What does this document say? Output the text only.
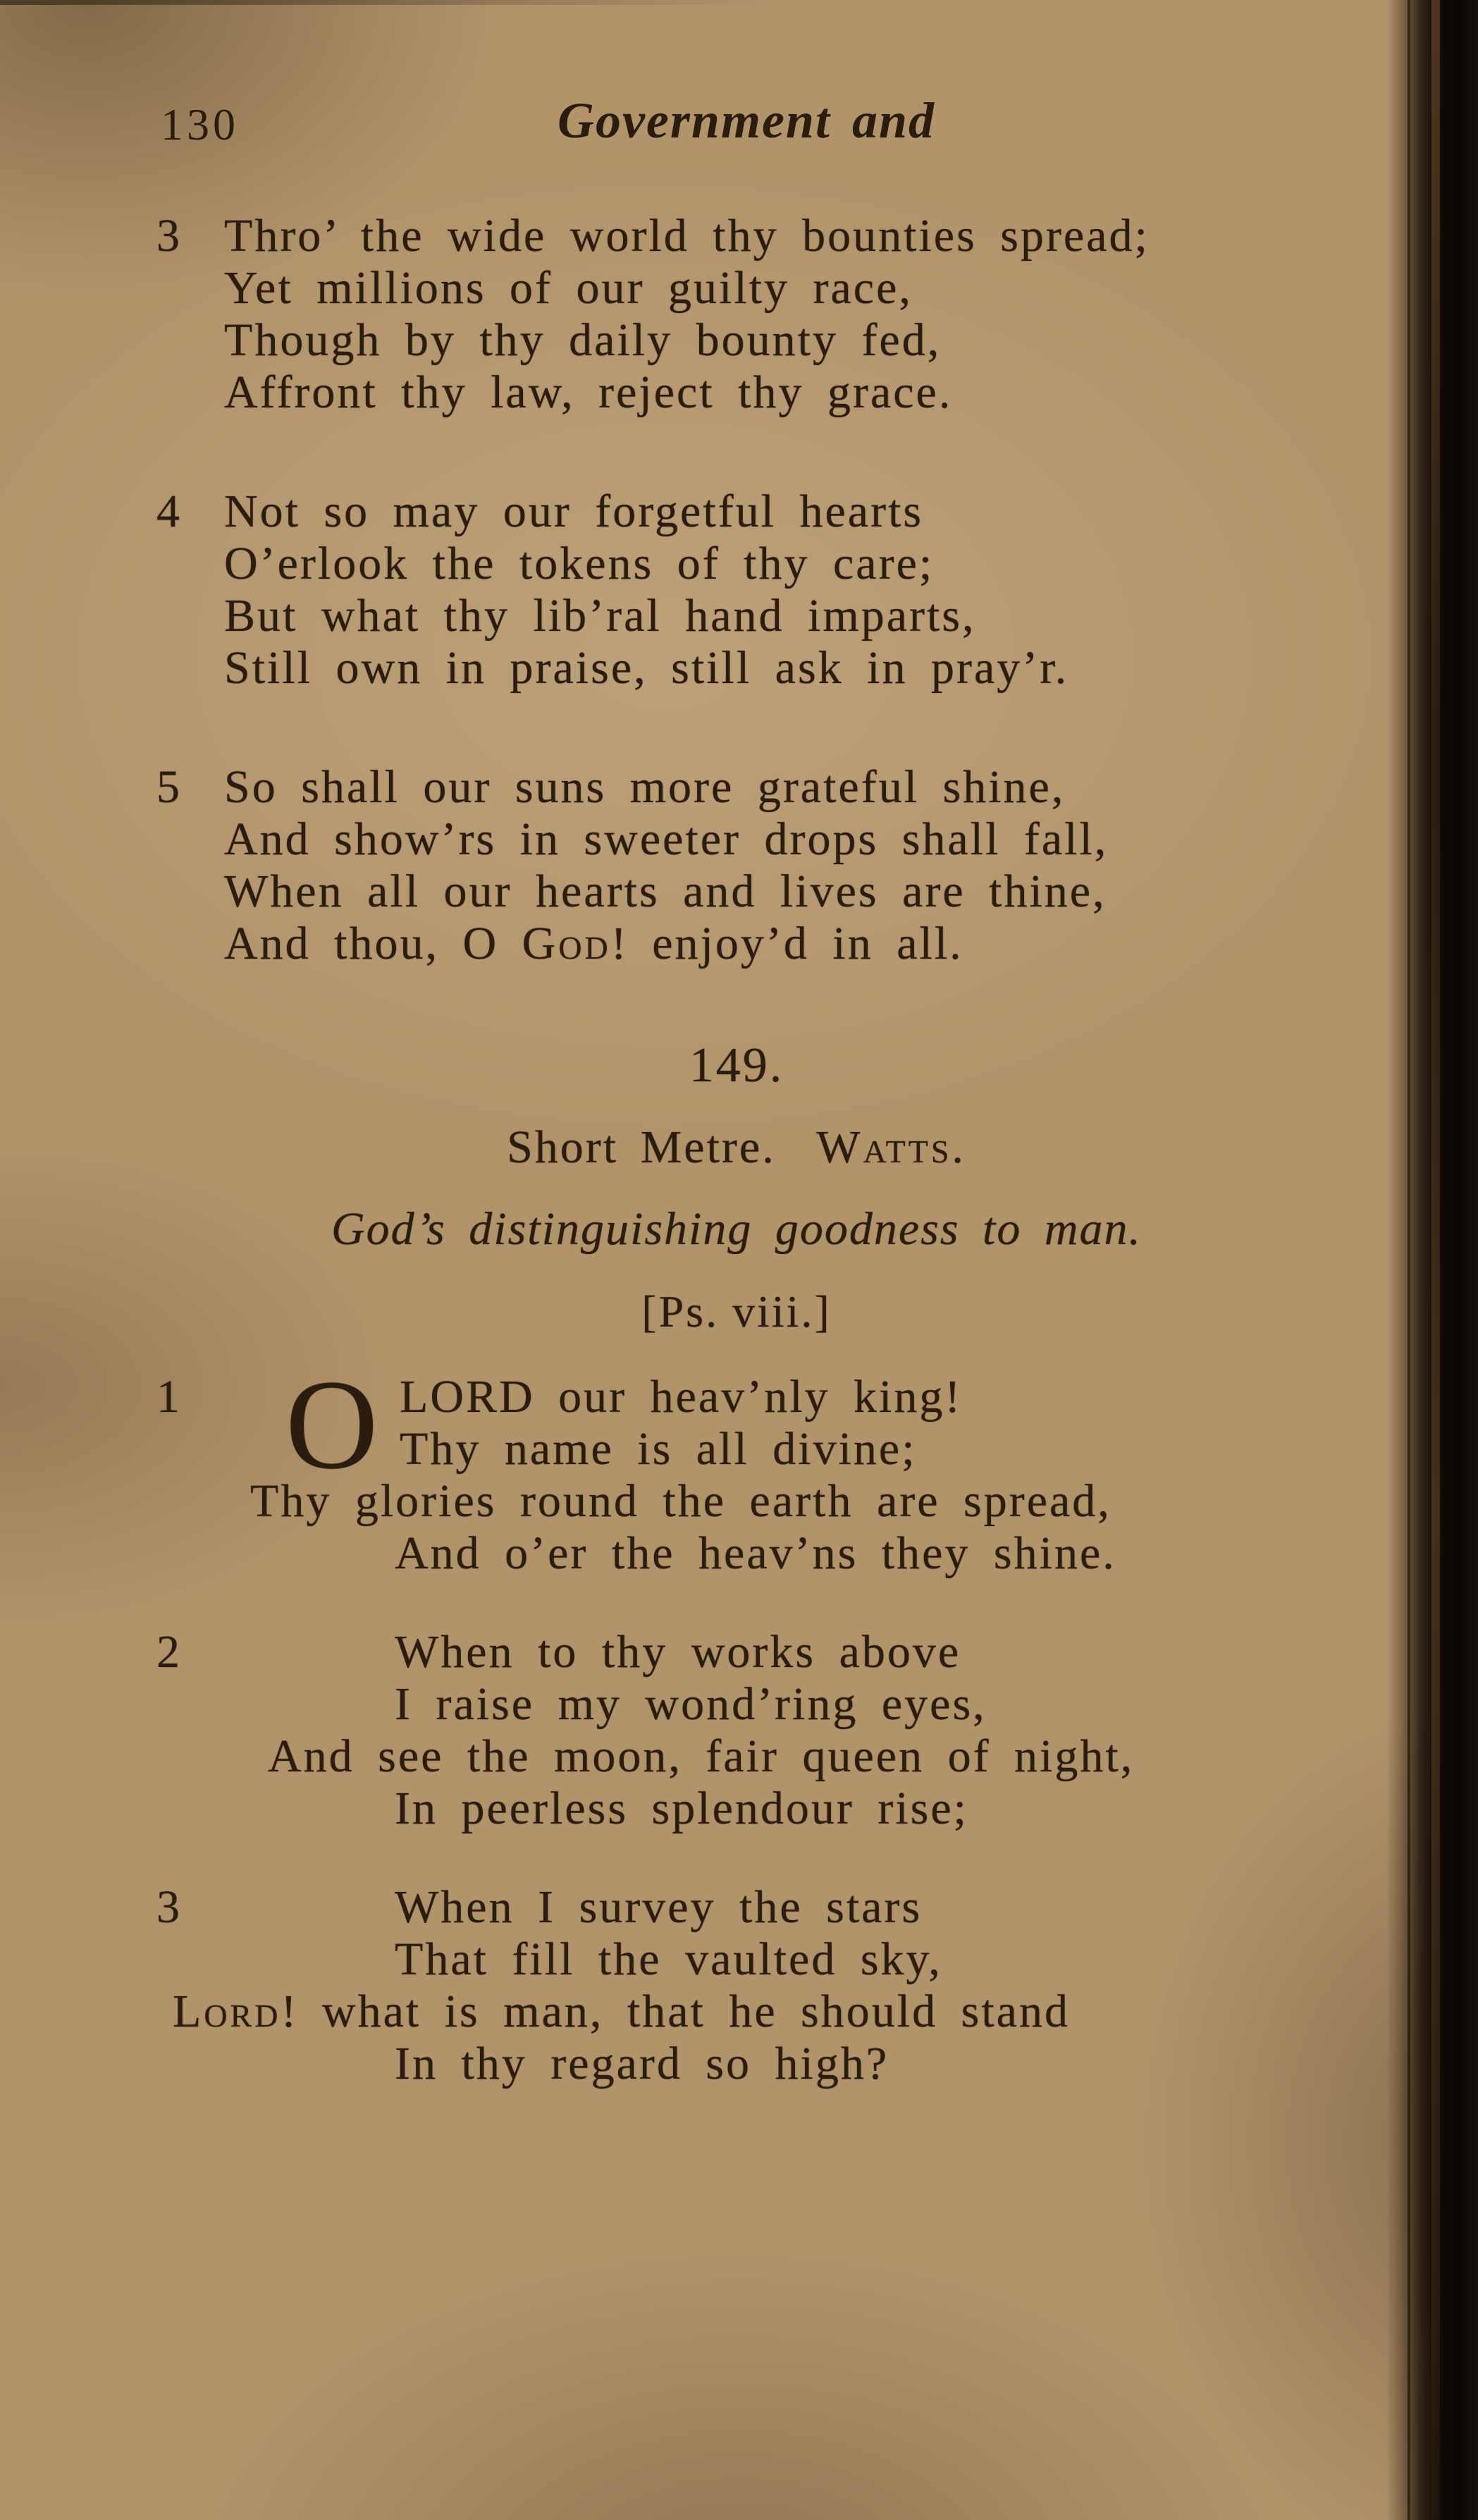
130	Government and
3 Thro’ the wide world thy bounties spread;
Yet millions of our guilty race,
Though by thy daily bounty fed,
Affront thy law, reject thy grace.
4 Not so may our forgetful hearts
O’erlook the tokens of thy care;
But what thy lib’ral hand imparts,
Still own in praise, still ask in pray’r.
5 So shall our suns more grateful shine,
And show’rs in sweeter drops shall fall,
When all our hearts and lives are thine,
And thou, O God! enjoy’d in all.
149.
Short Metre. Watts.
God’s distinguishing goodness to man.
[Ps. viii.]
1 O LORD our heav’nly king!
Thy name is all divine;
Thy glories round the earth are spread,
And o’er the heav’ns they shine.
2	When to thy works above
I raise my wond’ring eyes,
And see the moon, fair queen of night,
In peerless splendour rise;
3	When I survey the stars
That fill the vaulted sky,
Lord! what is man, that he should stand
In thy regard so high?
